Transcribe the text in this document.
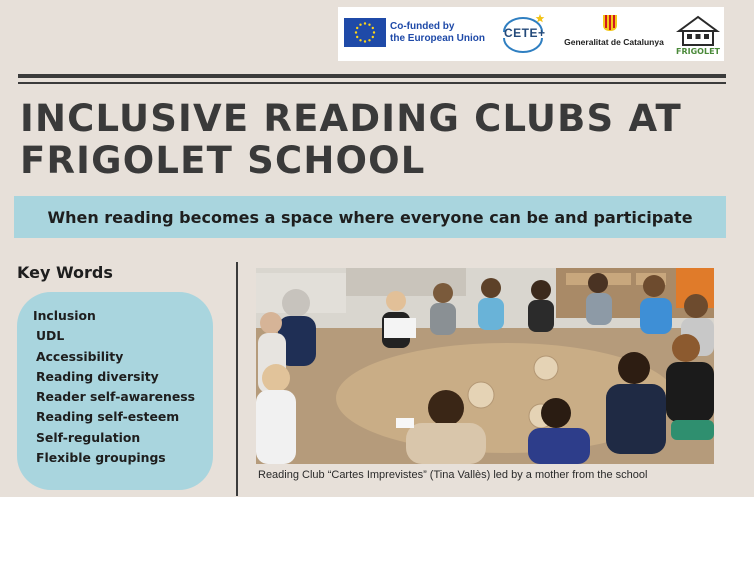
Co-funded by
the European Union	CETE+
Generalitat de Catalunya
FRIGOLET
INCLUSIVE READING CLUBS AT FRIGOLET SCHOOL
When reading becomes a space where everyone can be and participate
Key Words
Inclusion
UDL
Accessibility
Reading diversity
Reader self-awareness
Reading self-esteem
Self-regulation
Flexible groupings
Reading Club “Cartes Imprevistes” (Tina Vallès) led by a mother from the school
